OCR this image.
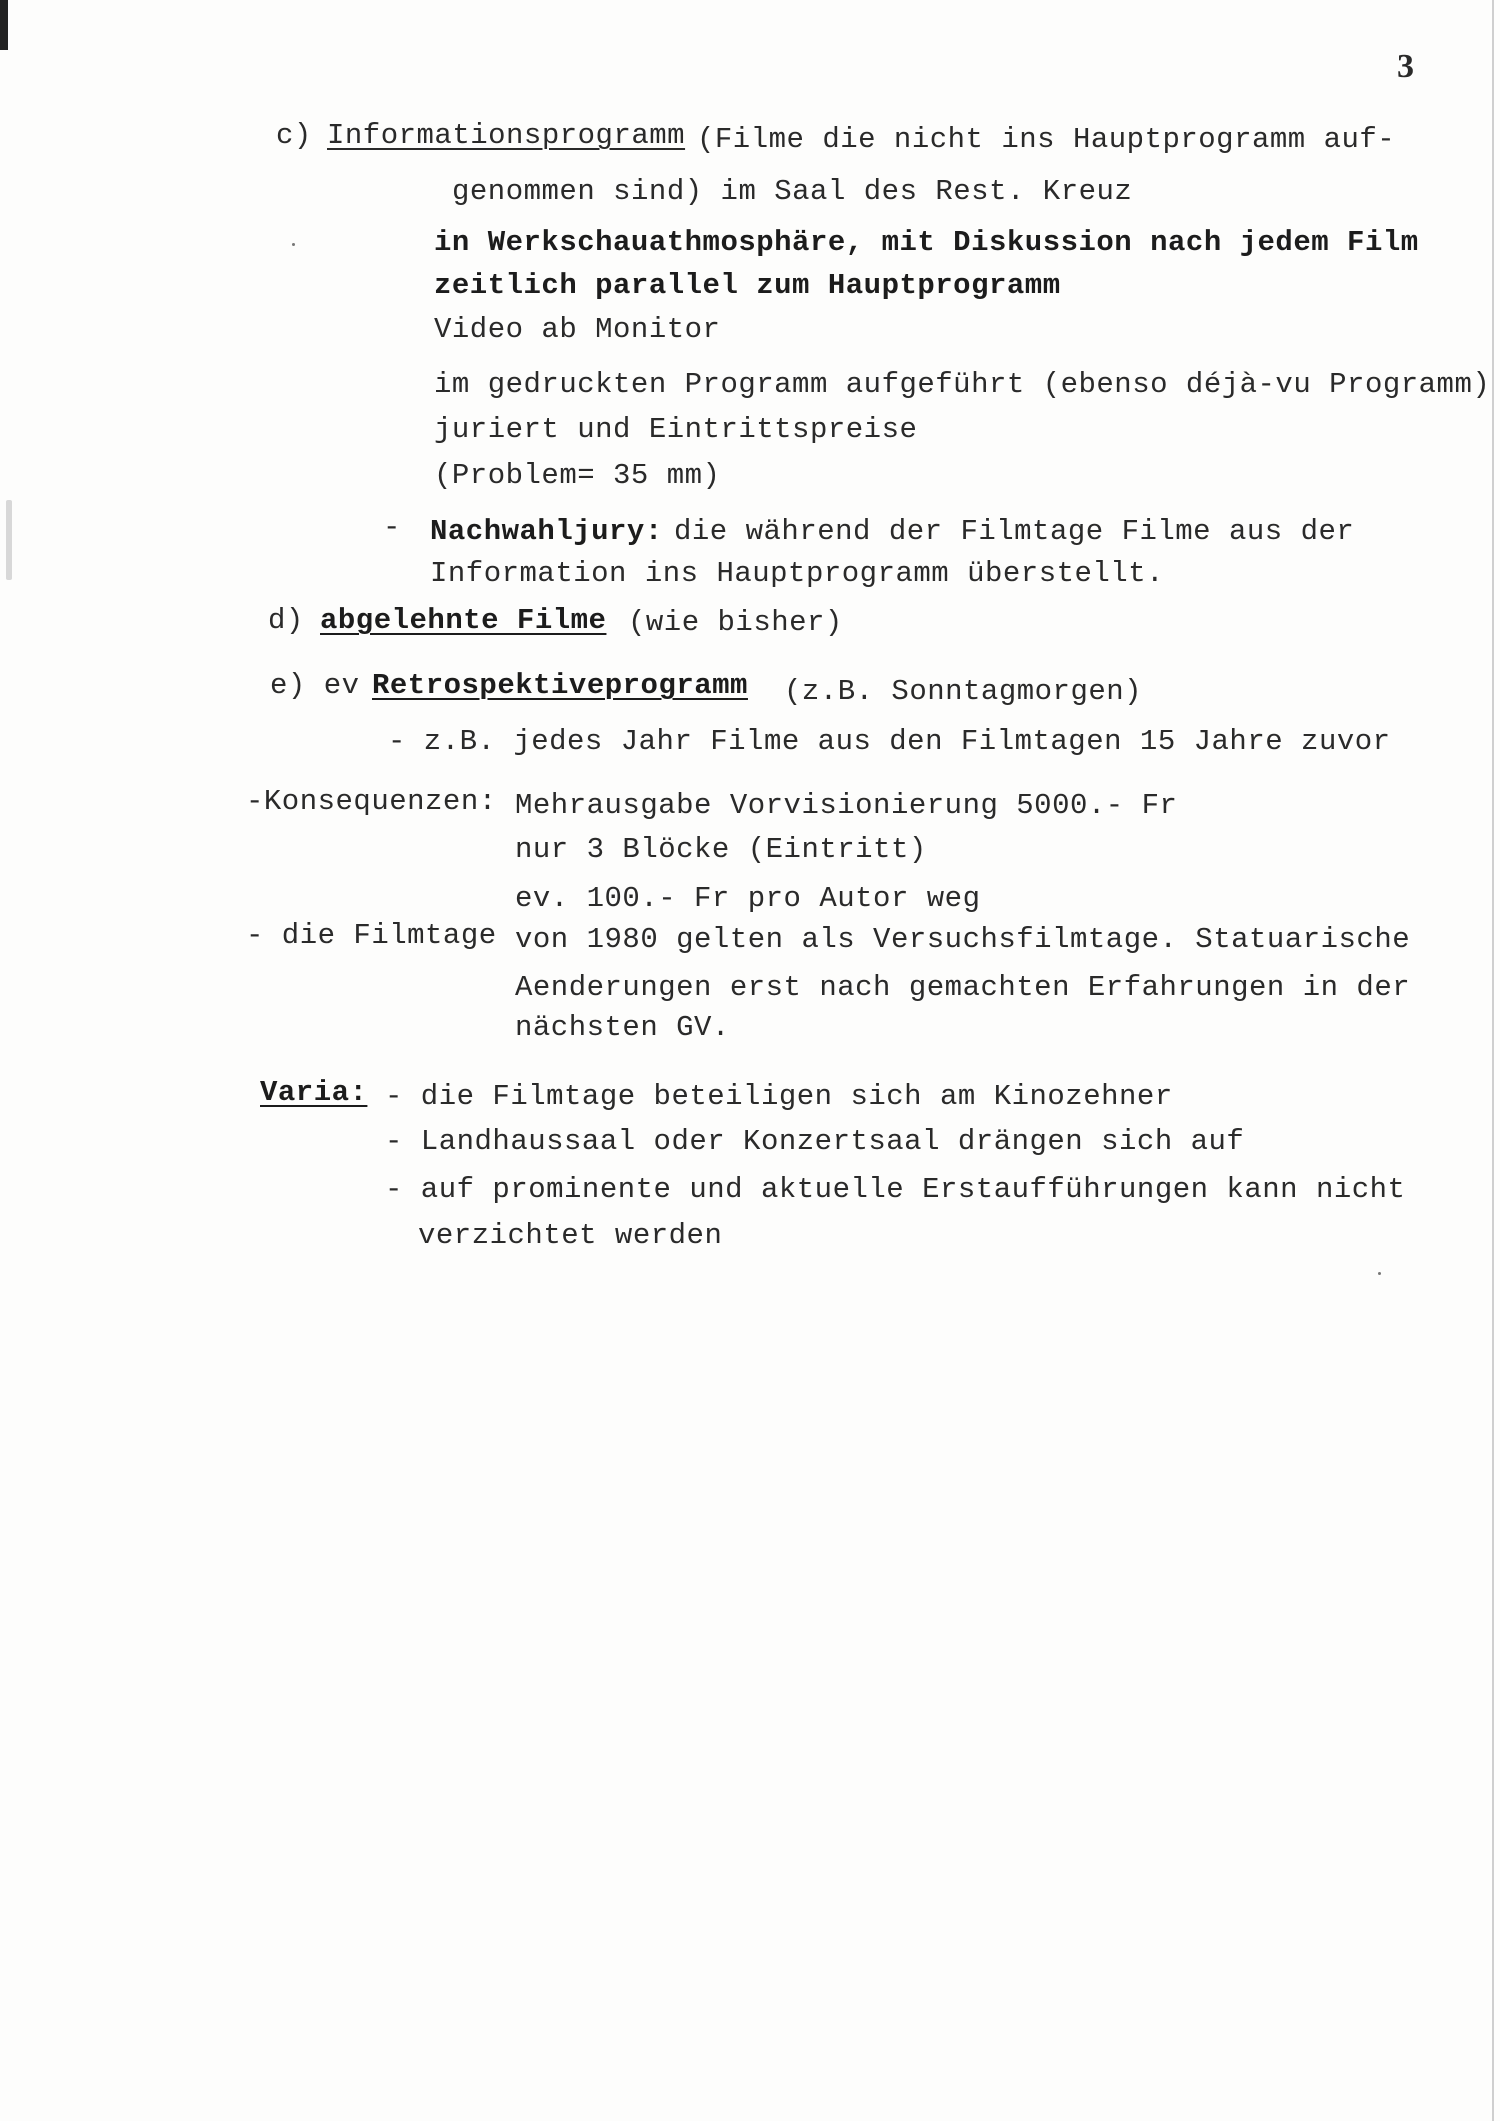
3
c) Informationsprogramm (Filme die nicht ins Hauptprogramm auf-
genommen sind) im Saal des Rest. Kreuz
in Werkschauathmosphäre, mit Diskussion nach jedem Film
zeitlich parallel zum Hauptprogramm
Video ab Monitor
im gedruckten Programm aufgeführt (ebenso déjà-vu Programm)
juriert und Eintrittspreise
(Problem= 35 mm)
- Nachwahljury: die während der Filmtage Filme aus der
Information ins Hauptprogramm überstellt.
d) abgelehnte Filme (wie bisher)
e) ev Retrospektiveprogramm (z.B. Sonntagmorgen)
- z.B. jedes Jahr Filme aus den Filmtagen 15 Jahre zuvor
-Konsequenzen: Mehrausgabe Vorvisionierung 5000.- Fr
nur 3 Blöcke (Eintritt)
ev. 100.- Fr pro Autor weg
- die Filmtage von 1980 gelten als Versuchsfilmtage. Statuarische
Aenderungen erst nach gemachten Erfahrungen in der
nächsten GV.
Varia: - die Filmtage beteiligen sich am Kinozehner
- Landhaussaal oder Konzertsaal drängen sich auf
- auf prominente und aktuelle Erstaufführungen kann nicht
verzichtet werden
